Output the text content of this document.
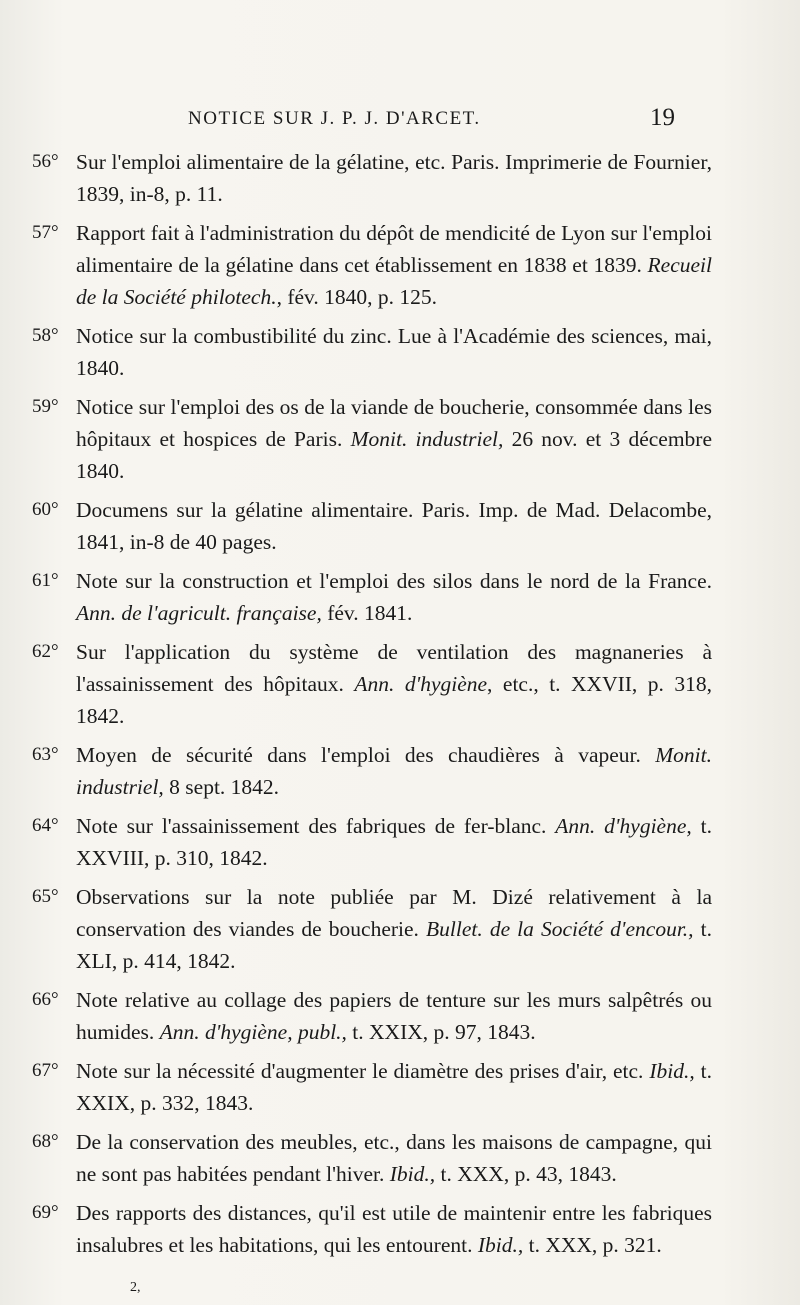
NOTICE SUR J. P. J. D'ARCET.	19

56° Sur l'emploi alimentaire de la gélatine, etc. Paris. Imprimerie de Fournier, 1839, in-8, p. 11.

57° Rapport fait à l'administration du dépôt de mendicité de Lyon sur l'emploi alimentaire de la gélatine dans cet établissement en 1838 et 1839. Recueil de la Société philotech., fév. 1840, p. 125.

58° Notice sur la combustibilité du zinc. Lue à l'Académie des sciences, mai, 1840.

59° Notice sur l'emploi des os de la viande de boucherie, consommée dans les hôpitaux et hospices de Paris. Monit. industriel, 26 nov. et 3 décembre 1840.

60° Documens sur la gélatine alimentaire. Paris. Imp. de Mad. Delacombe, 1841, in-8 de 40 pages.

61° Note sur la construction et l'emploi des silos dans le nord de la France. Ann. de l'agricult. française, fév. 1841.

62° Sur l'application du système de ventilation des magnaneries à l'assainissement des hôpitaux. Ann. d'hygiène, etc., t. XXVII, p. 318, 1842.

63° Moyen de sécurité dans l'emploi des chaudières à vapeur. Monit. industriel, 8 sept. 1842.

64° Note sur l'assainissement des fabriques de fer-blanc. Ann. d'hygiène, t. XXVIII, p. 310, 1842.

65° Observations sur la note publiée par M. Dizé relativement à la conservation des viandes de boucherie. Bullet. de la Société d'encour., t. XLI, p. 414, 1842.

66° Note relative au collage des papiers de tenture sur les murs salpêtrés ou humides. Ann. d'hygiène, publ., t. XXIX, p. 97, 1843.

67° Note sur la nécessité d'augmenter le diamètre des prises d'air, etc. Ibid., t. XXIX, p. 332, 1843.

68° De la conservation des meubles, etc., dans les maisons de campagne, qui ne sont pas habitées pendant l'hiver. Ibid., t. XXX, p. 43, 1843.

69° Des rapports des distances, qu'il est utile de maintenir entre les fabriques insalubres et les habitations, qui les entourent. Ibid., t. XXX, p. 321.

2,
